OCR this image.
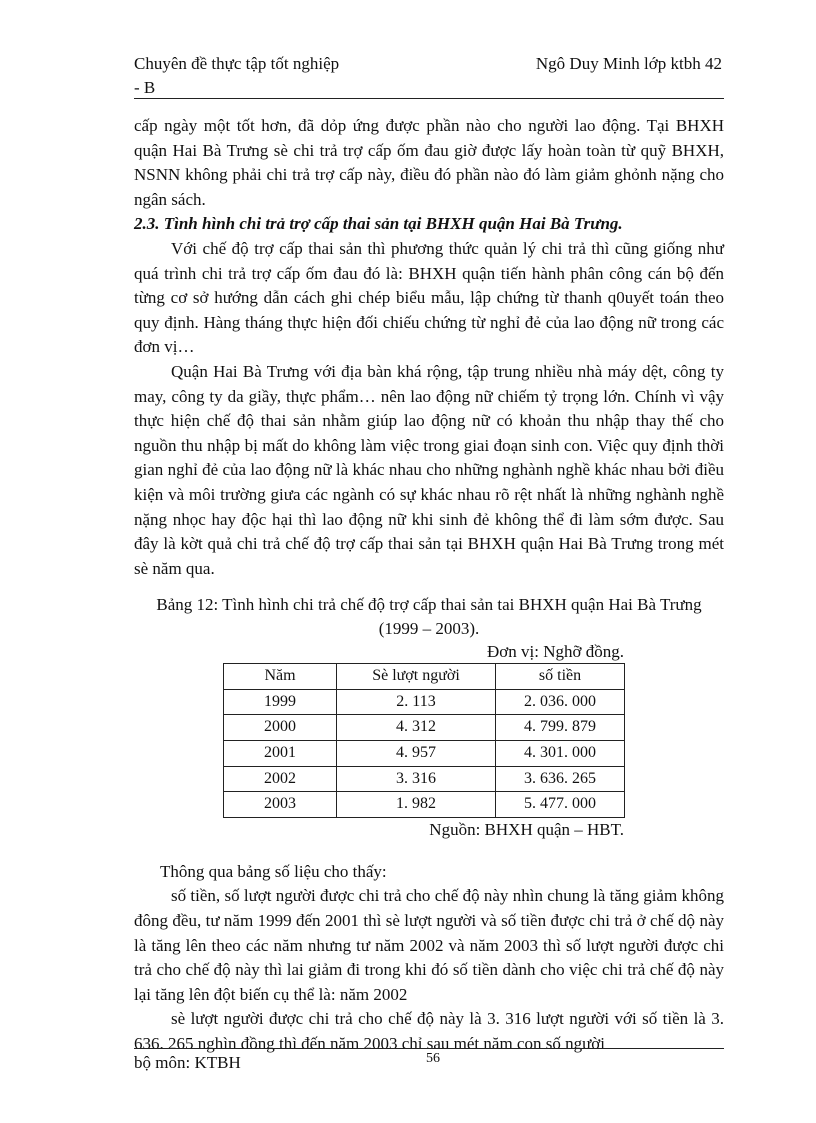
Chuyên đề thực tập tốt nghiệp
- B
Ngô Duy Minh lớp ktbh 42

cấp ngày một tốt hơn, đã dỏp ứng được phần nào cho người lao động. Tại BHXH quận Hai Bà Trưng sè chi trả trợ cấp ốm đau giờ được lấy hoàn toàn từ quỹ BHXH, NSNN không phải chi trả trợ cấp này, điều đó phần nào đó làm giảm ghỏnh nặng cho ngân sách.

2.3. Tình hình chi trả trợ cấp thai sản tại BHXH quận Hai Bà Trưng.

Với chế độ trợ cấp thai sản thì phương thức quản lý chi trả thì cũng giống như quá trình chi trả trợ cấp ốm đau đó là: BHXH quận tiến hành phân công cán bộ đến từng cơ sở hướng dẫn cách ghi chép biểu mẫu, lập chứng từ thanh q0uyết toán theo quy định. Hàng tháng thực hiện đối chiếu chứng từ nghỉ đẻ của lao động nữ trong các đơn vị…

Quận Hai Bà Trưng với địa bàn khá rộng, tập trung nhiều nhà máy dệt, công ty may, công ty da giầy, thực phẩm… nên lao động nữ chiếm tỷ trọng lớn. Chính vì vậy thực hiện chế độ thai sản nhằm giúp lao động nữ có khoản thu nhập thay thế cho nguồn thu nhập bị mất do không làm việc trong giai đoạn sinh con. Việc quy định thời gian nghỉ đẻ của lao động nữ là khác nhau cho những nghành nghề khác nhau bởi điều kiện và môi trường giưa các ngành có sự khác nhau rõ rệt nhất là những nghành nghề nặng nhọc hay độc hại thì lao động nữ khi sinh đẻ không thể đi làm sớm được. Sau đây là kờt quả chi trả chế độ trợ cấp thai sản tại BHXH quận Hai Bà Trưng trong mét sè năm qua.

Bảng 12: Tình hình chi trả chế độ trợ cấp thai sản tai BHXH quận Hai Bà Trưng (1999 – 2003).
Đơn vị: Nghỡ đồng.
Năm	Sè lượt người	số tiền
1999	2. 113	2. 036. 000
2000	4. 312	4. 799. 879
2001	4. 957	4. 301. 000
2002	3. 316	3. 636. 265
2003	1. 982	5. 477. 000
Nguồn: BHXH quận – HBT.

Thông qua bảng số liệu cho thấy:

số tiền, số lượt người được chi trả cho chế độ này nhìn chung là tăng giảm không đông đều, tư năm 1999 đến 2001 thì sè lượt người và số tiền được chi trả ở chế dộ này là tăng lên theo các năm nhưng tư năm 2002 và năm 2003 thì số lượt người được chi trả cho chế độ này thì lai giảm đi trong khi đó số tiền dành cho việc chi trả chế độ này lại tăng lên đột biến cụ thể là: năm 2002

sè lượt người được chi trả cho chế độ này là 3. 316 lượt người với số tiền là 3. 636. 265 nghìn đồng thì đến năm 2003 chỉ sau mét năm con số người

bộ môn: KTBH	56
